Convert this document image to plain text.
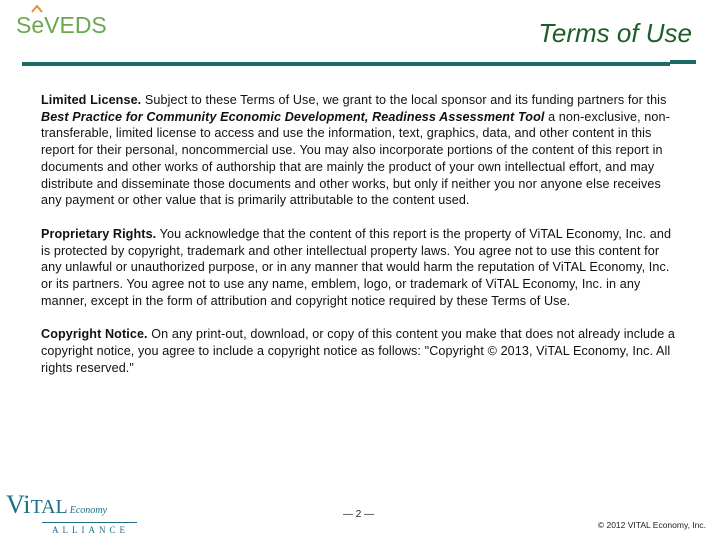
SeVEDS	Terms of Use

Limited License. Subject to these Terms of Use, we grant to the local sponsor and its funding partners for this Best Practice for Community Economic Development, Readiness Assessment Tool a non-exclusive, non-transferable, limited license to access and use the information, text, graphics, data, and other content in this report for their personal, noncommercial use. You may also incorporate portions of the content of this report in documents and other works of authorship that are mainly the product of your own intellectual effort, and may distribute and disseminate those documents and other works, but only if neither you nor anyone else receives any payment or other value that is primarily attributable to the content used.

Proprietary Rights. You acknowledge that the content of this report is the property of ViTAL Economy, Inc. and is protected by copyright, trademark and other intellectual property laws. You agree not to use this content for any unlawful or unauthorized purpose, or in any manner that would harm the reputation of ViTAL Economy, Inc. or its partners. You agree not to use any name, emblem, logo, or trademark of ViTAL Economy, Inc. in any manner, except in the form of attribution and copyright notice required by these Terms of Use.

Copyright Notice. On any print-out, download, or copy of this content you make that does not already include a copyright notice, you agree to include a copyright notice as follows: "Copyright © 2013, ViTAL Economy, Inc. All rights reserved."

Vi TAL Economy
ALLIANCE
— 2 —
© 2012 VITAL Economy, Inc.
